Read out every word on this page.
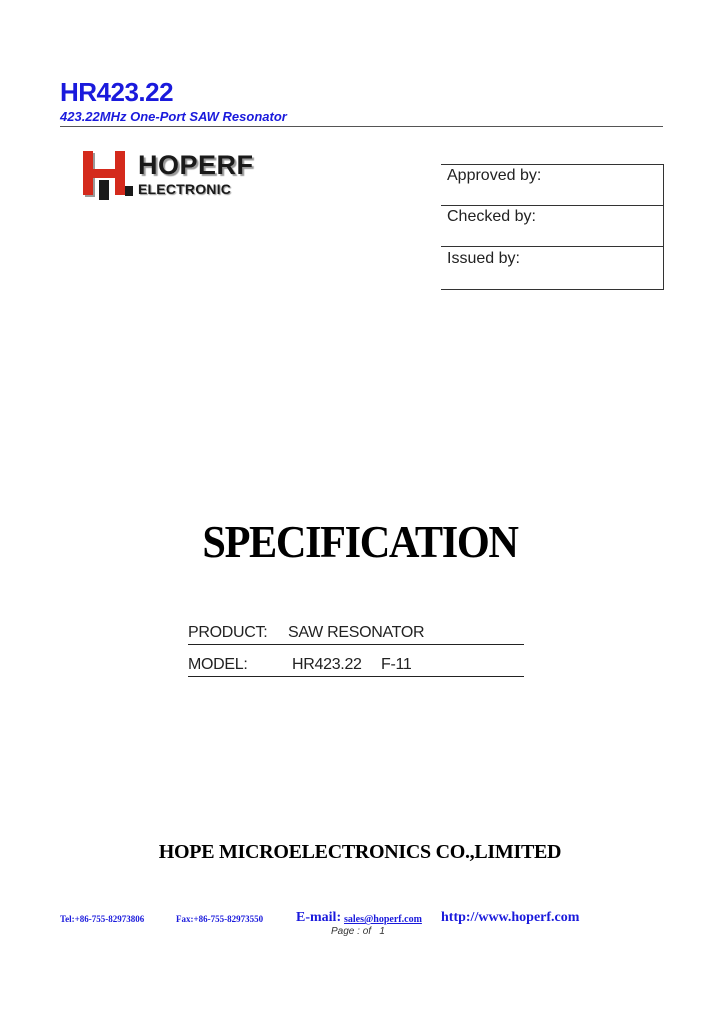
HR423.22
423.22MHz One-Port SAW Resonator
HOPERF
ELECTRONIC
Approved by:
Checked by:
Issued by:
SPECIFICATION
PRODUCT: SAW RESONATOR
MODEL:	HR423.22 F-11
HOPE MICROELECTRONICS CO.,LIMITED
Tel:+86-755-82973806	Fax:+86-755-82973550 E-mail: sales@hoperf.com http://www.hoperf.com
Page : of   1
